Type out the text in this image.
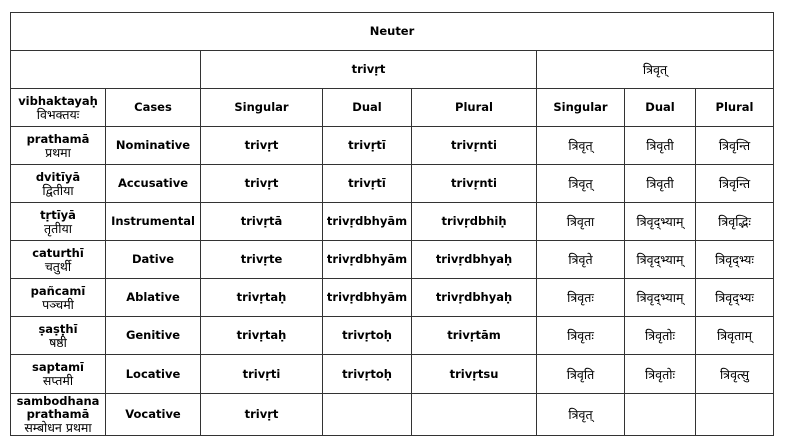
Neuter							
		trivṛt			त्रिवृत्		

vibhaktayaḥ
विभक्तयः	Cases	Singular	Dual	Plural	Singular	Dual	Plural

prathamā
प्रथमा	Nominative	trivṛt	trivṛtī	trivṛnti	त्रिवृत्	त्रिवृती	त्रिवृन्ति

dvitīyā
द्वितीया	Accusative	trivṛt	trivṛtī	trivṛnti	त्रिवृत्	त्रिवृती	त्रिवृन्ति

tṛtīyā
तृतीया	Instrumental	trivṛtā	trivṛdbhyām	trivṛdbhiḥ	त्रिवृता	त्रिवृद्भ्याम्	त्रिवृद्भिः

caturthī
चतुर्थी	Dative	trivṛte	trivṛdbhyām	trivṛdbhyaḥ	त्रिवृते	त्रिवृद्भ्याम्	त्रिवृद्भ्यः

pañcamī
पञ्चमी	Ablative	trivṛtaḥ	trivṛdbhyām	trivṛdbhyaḥ	त्रिवृतः	त्रिवृद्भ्याम्	त्रिवृद्भ्यः

ṣaṣṭhī
षष्ठी	Genitive	trivṛtaḥ	trivṛtoḥ	trivṛtām	त्रिवृतः	त्रिवृतोः	त्रिवृताम्

saptamī
सप्तमी	Locative	trivṛti	trivṛtoḥ	trivṛtsu	त्रिवृति	त्रिवृतोः	त्रिवृत्सु

sambodhana
prathamā
सम्बोधन प्रथमा	Vocative	trivṛt			त्रिवृत्		
